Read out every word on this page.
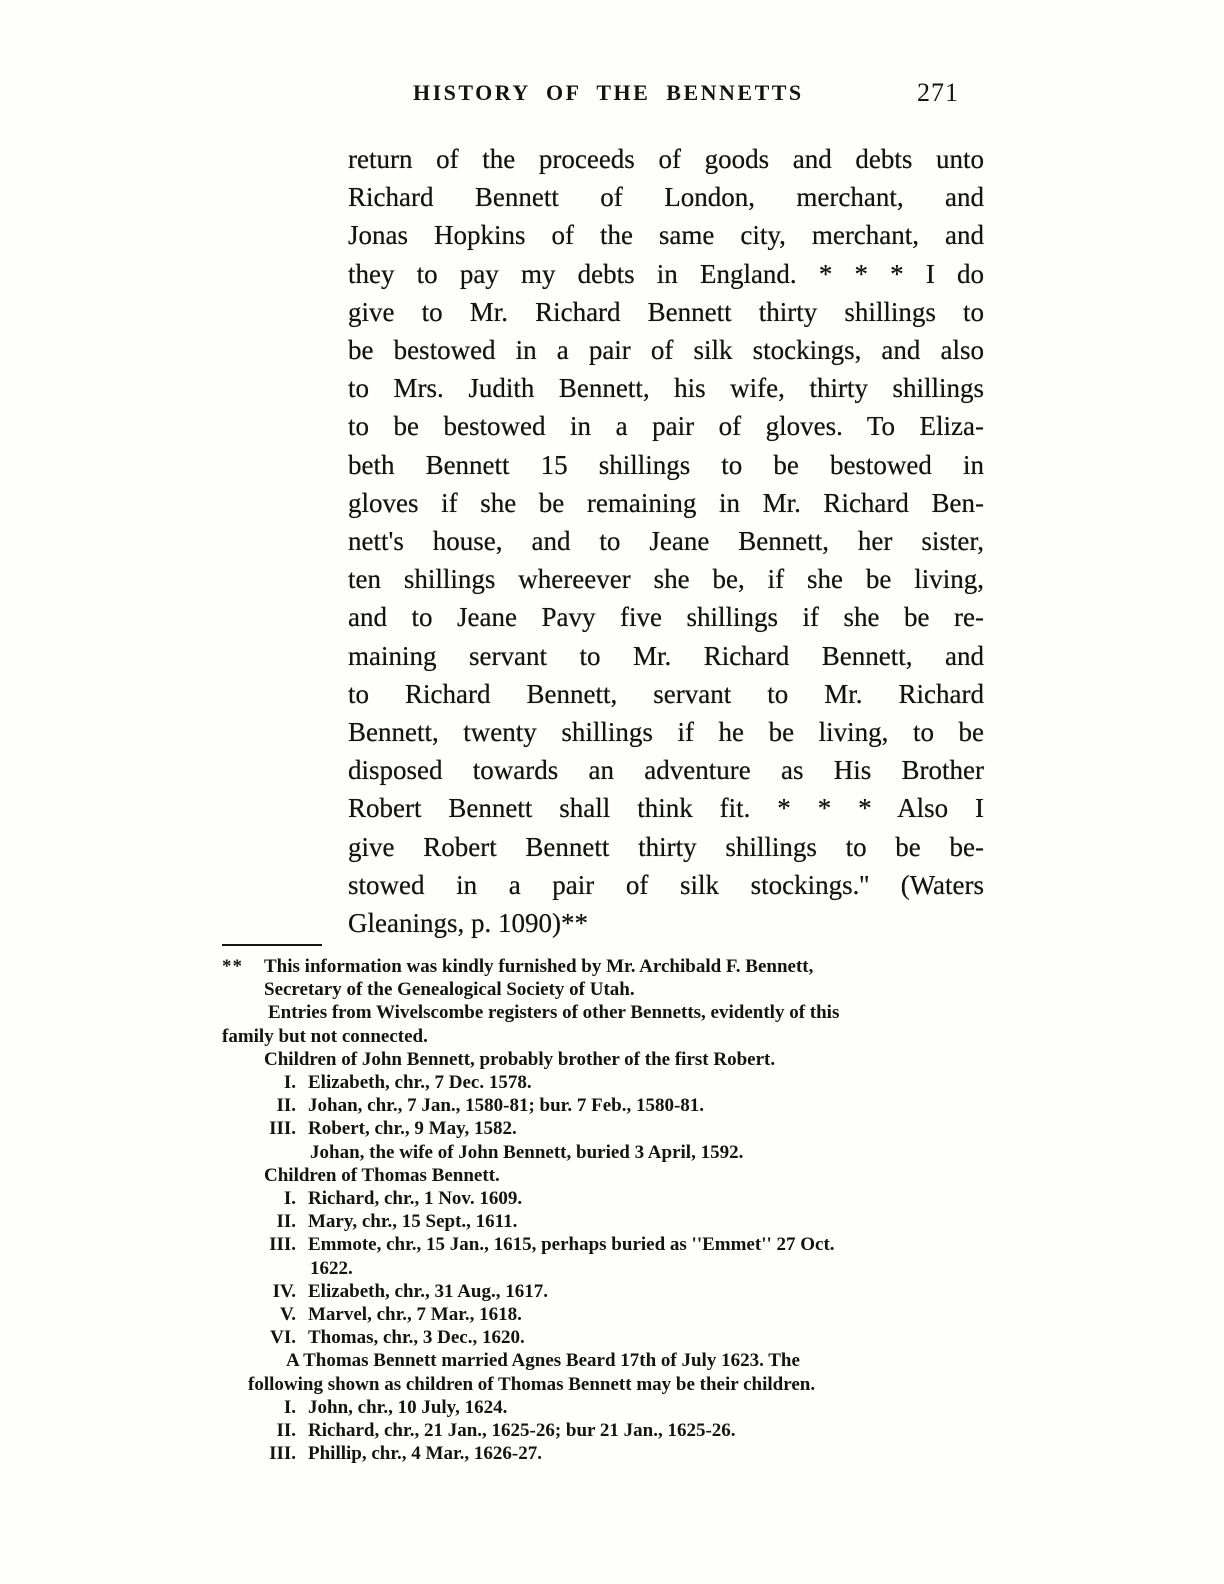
HISTORY OF THE BENNETTS	271
return of the proceeds of goods and debts unto
Richard Bennett of London, merchant, and
Jonas Hopkins of the same city, merchant, and
they to pay my debts in England. * * * I do
give to Mr. Richard Bennett thirty shillings to
be bestowed in a pair of silk stockings, and also
to Mrs. Judith Bennett, his wife, thirty shillings
to be bestowed in a pair of gloves. To Eliza-
beth Bennett 15 shillings to be bestowed in
gloves if she be remaining in Mr. Richard Ben-
nett's house, and to Jeane Bennett, her sister,
ten shillings whereever she be, if she be living,
and to Jeane Pavy five shillings if she be re-
maining servant to Mr. Richard Bennett, and
to Richard Bennett, servant to Mr. Richard
Bennett, twenty shillings if he be living, to be
disposed towards an adventure as His Brother
Robert Bennett shall think fit. * * * Also I
give Robert Bennett thirty shillings to be be-
stowed in a pair of silk stockings.'' (Waters
Gleanings, p. 1090)**
** This information was kindly furnished by Mr. Archibald F. Bennett,
Secretary of the Genealogical Society of Utah.
Entries from Wivelscombe registers of other Bennetts, evidently of this
family but not connected.
Children of John Bennett, probably brother of the first Robert.
I. Elizabeth, chr., 7 Dec. 1578.
II. Johan, chr., 7 Jan., 1580-81; bur. 7 Feb., 1580-81.
III. Robert, chr., 9 May, 1582.
Johan, the wife of John Bennett, buried 3 April, 1592.
Children of Thomas Bennett.
I. Richard, chr., 1 Nov. 1609.
II. Mary, chr., 15 Sept., 1611.
III. Emmote, chr., 15 Jan., 1615, perhaps buried as ''Emmet'' 27 Oct.
1622.
IV. Elizabeth, chr., 31 Aug., 1617.
V. Marvel, chr., 7 Mar., 1618.
VI. Thomas, chr., 3 Dec., 1620.
A Thomas Bennett married Agnes Beard 17th of July 1623. The
following shown as children of Thomas Bennett may be their children.
I. John, chr., 10 July, 1624.
II. Richard, chr., 21 Jan., 1625-26; bur 21 Jan., 1625-26.
III. Phillip, chr., 4 Mar., 1626-27.
